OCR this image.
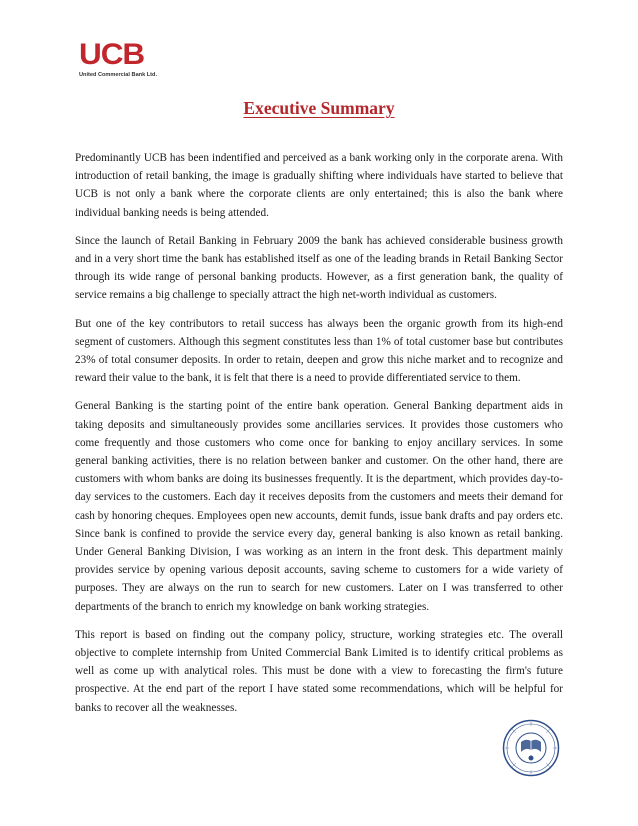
UCB
United Commercial Bank Ltd.
Executive Summary

Predominantly UCB has been indentified and perceived as a bank working only in the corporate arena. With introduction of retail banking, the image is gradually shifting where individuals have started to believe that UCB is not only a bank where the corporate clients are only entertained; this is also the bank where individual banking needs is being attended.

Since the launch of Retail Banking in February 2009 the bank has achieved considerable business growth and in a very short time the bank has established itself as one of the leading brands in Retail Banking Sector through its wide range of personal banking products. However, as a first generation bank, the quality of service remains a big challenge to specially attract the high net-worth individual as customers.

But one of the key contributors to retail success has always been the organic growth from its high-end segment of customers. Although this segment constitutes less than 1% of total customer base but contributes 23% of total consumer deposits. In order to retain, deepen and grow this niche market and to recognize and reward their value to the bank, it is felt that there is a need to provide differentiated service to them.

General Banking is the starting point of the entire bank operation. General Banking department aids in taking deposits and simultaneously provides some ancillaries services. It provides those customers who come frequently and those customers who come once for banking to enjoy ancillary services. In some general banking activities, there is no relation between banker and customer. On the other hand, there are customers with whom banks are doing its businesses frequently. It is the department, which provides day-to-day services to the customers. Each day it receives deposits from the customers and meets their demand for cash by honoring cheques. Employees open new accounts, demit funds, issue bank drafts and pay orders etc. Since bank is confined to provide the service every day, general banking is also known as retail banking. Under General Banking Division, I was working as an intern in the front desk. This department mainly provides service by opening various deposit accounts, saving scheme to customers for a wide variety of purposes. They are always on the run to search for new customers. Later on I was transferred to other departments of the branch to enrich my knowledge on bank working strategies.

This report is based on finding out the company policy, structure, working strategies etc. The overall objective to complete internship from United Commercial Bank Limited is to identify critical problems as well as come up with analytical roles. This must be done with a view to forecasting the firm's future prospective. At the end part of the report I have stated some recommendations, which will be helpful for banks to recover all the weaknesses.
